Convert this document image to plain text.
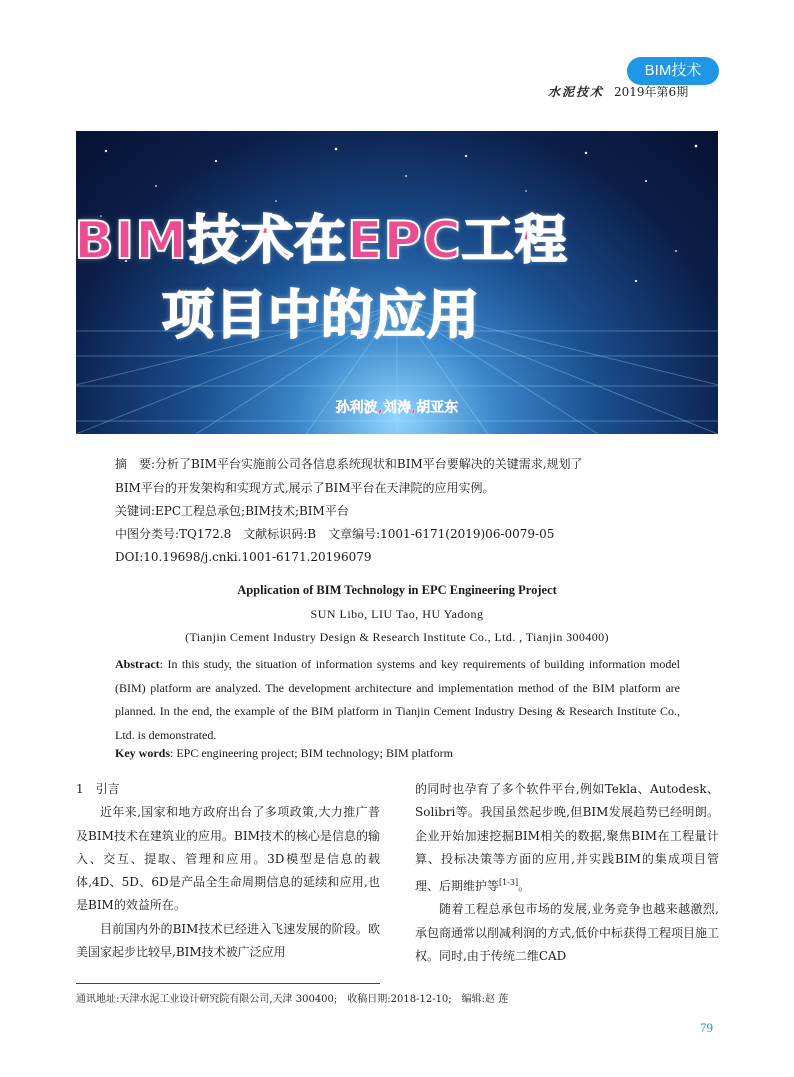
BIM技术
水泥技术 2019年第6期
BIM技术在EPC工程
项目中的应用
孙利波,刘涛,胡亚东
摘　要:分析了BIM平台实施前公司各信息系统现状和BIM平台要解决的关键需求,规划了
BIM平台的开发架构和实现方式,展示了BIM平台在天津院的应用实例。
关键词:EPC工程总承包;BIM技术;BIM平台
中图分类号:TQ172.8　文献标识码:B　文章编号:1001-6171(2019)06-0079-05
DOI:10.19698/j.cnki.1001-6171.20196079
Application of BIM Technology in EPC Engineering Project
SUN Libo, LIU Tao, HU Yadong
(Tianjin Cement Industry Design & Research Institute Co., Ltd. , Tianjin 300400)
Abstract: In this study, the situation of information systems and key requirements of building information model (BIM) platform are analyzed. The development architecture and implementation method of the BIM platform are planned. In the end, the example of the BIM platform in Tianjin Cement Industry Desing & Research Institute Co., Ltd. is demonstrated.
Key words: EPC engineering project; BIM technology; BIM platform

1　引言

近年来,国家和地方政府出台了多项政策,大力推广普及BIM技术在建筑业的应用。BIM技术的核心是信息的输入、交互、提取、管理和应用。3D模型是信息的载体,4D、5D、6D是产品全生命周期信息的延续和应用,也是BIM的效益所在。

目前国内外的BIM技术已经进入飞速发展的阶段。欧美国家起步比较早,BIM技术被广泛应用

的同时也孕育了多个软件平台,例如Tekla、Autodesk、Solibri等。我国虽然起步晚,但BIM发展趋势已经明朗。企业开始加速挖掘BIM相关的数据,聚焦BIM在工程量计算、投标决策等方面的应用,并实践BIM的集成项目管理、后期维护等[1-3]。

随着工程总承包市场的发展,业务竞争也越来越激烈,承包商通常以削减利润的方式,低价中标获得工程项目施工权。同时,由于传统二维CAD

通讯地址:天津水泥工业设计研究院有限公司,天津 300400;　收稿日期:2018-12-10;　编辑:赵 莲
79
